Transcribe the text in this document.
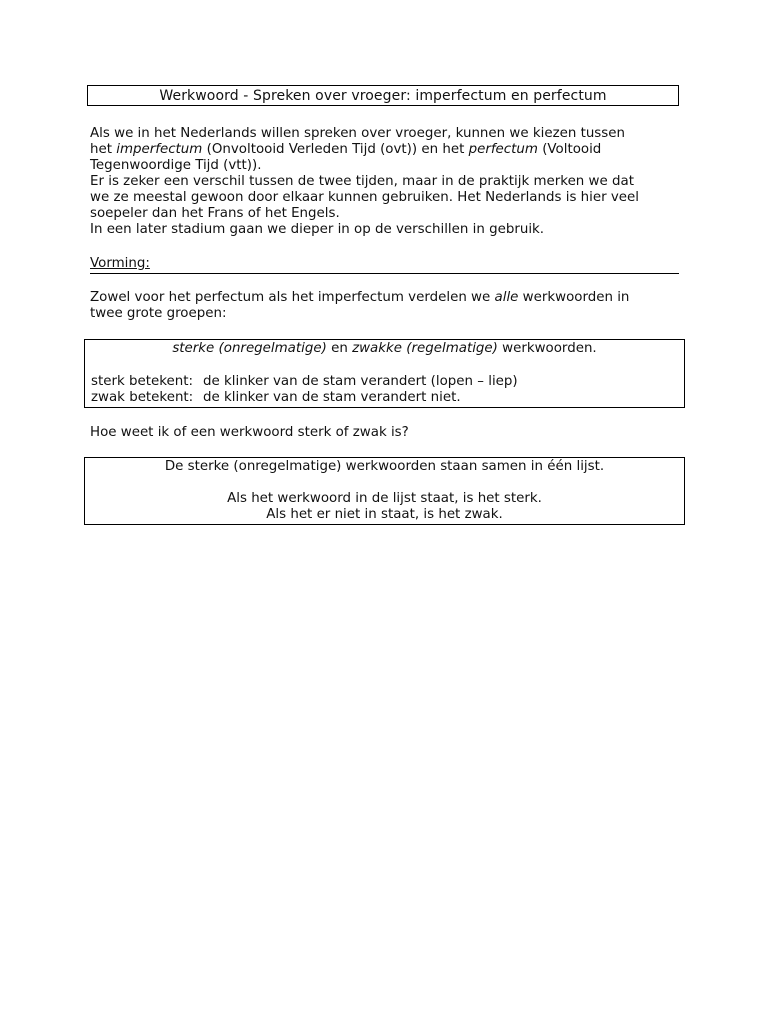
Werkwoord - Spreken over vroeger: imperfectum en perfectum

Als we in het Nederlands willen spreken over vroeger, kunnen we kiezen tussen
het imperfectum (Onvoltooid Verleden Tijd (ovt)) en het perfectum (Voltooid
Tegenwoordige Tijd (vtt)).
Er is zeker een verschil tussen de twee tijden, maar in de praktijk merken we dat
we ze meestal gewoon door elkaar kunnen gebruiken. Het Nederlands is hier veel
soepeler dan het Frans of het Engels.
In een later stadium gaan we dieper in op de verschillen in gebruik.

Vorming:

Zowel voor het perfectum als het imperfectum verdelen we alle werkwoorden in
twee grote groepen:

sterke (onregelmatige) en zwakke (regelmatige) werkwoorden.
sterk betekent: de klinker van de stam verandert (lopen – liep)
zwak betekent: de klinker van de stam verandert niet.

Hoe weet ik of een werkwoord sterk of zwak is?

De sterke (onregelmatige) werkwoorden staan samen in één lijst.
Als het werkwoord in de lijst staat, is het sterk.
Als het er niet in staat, is het zwak.
